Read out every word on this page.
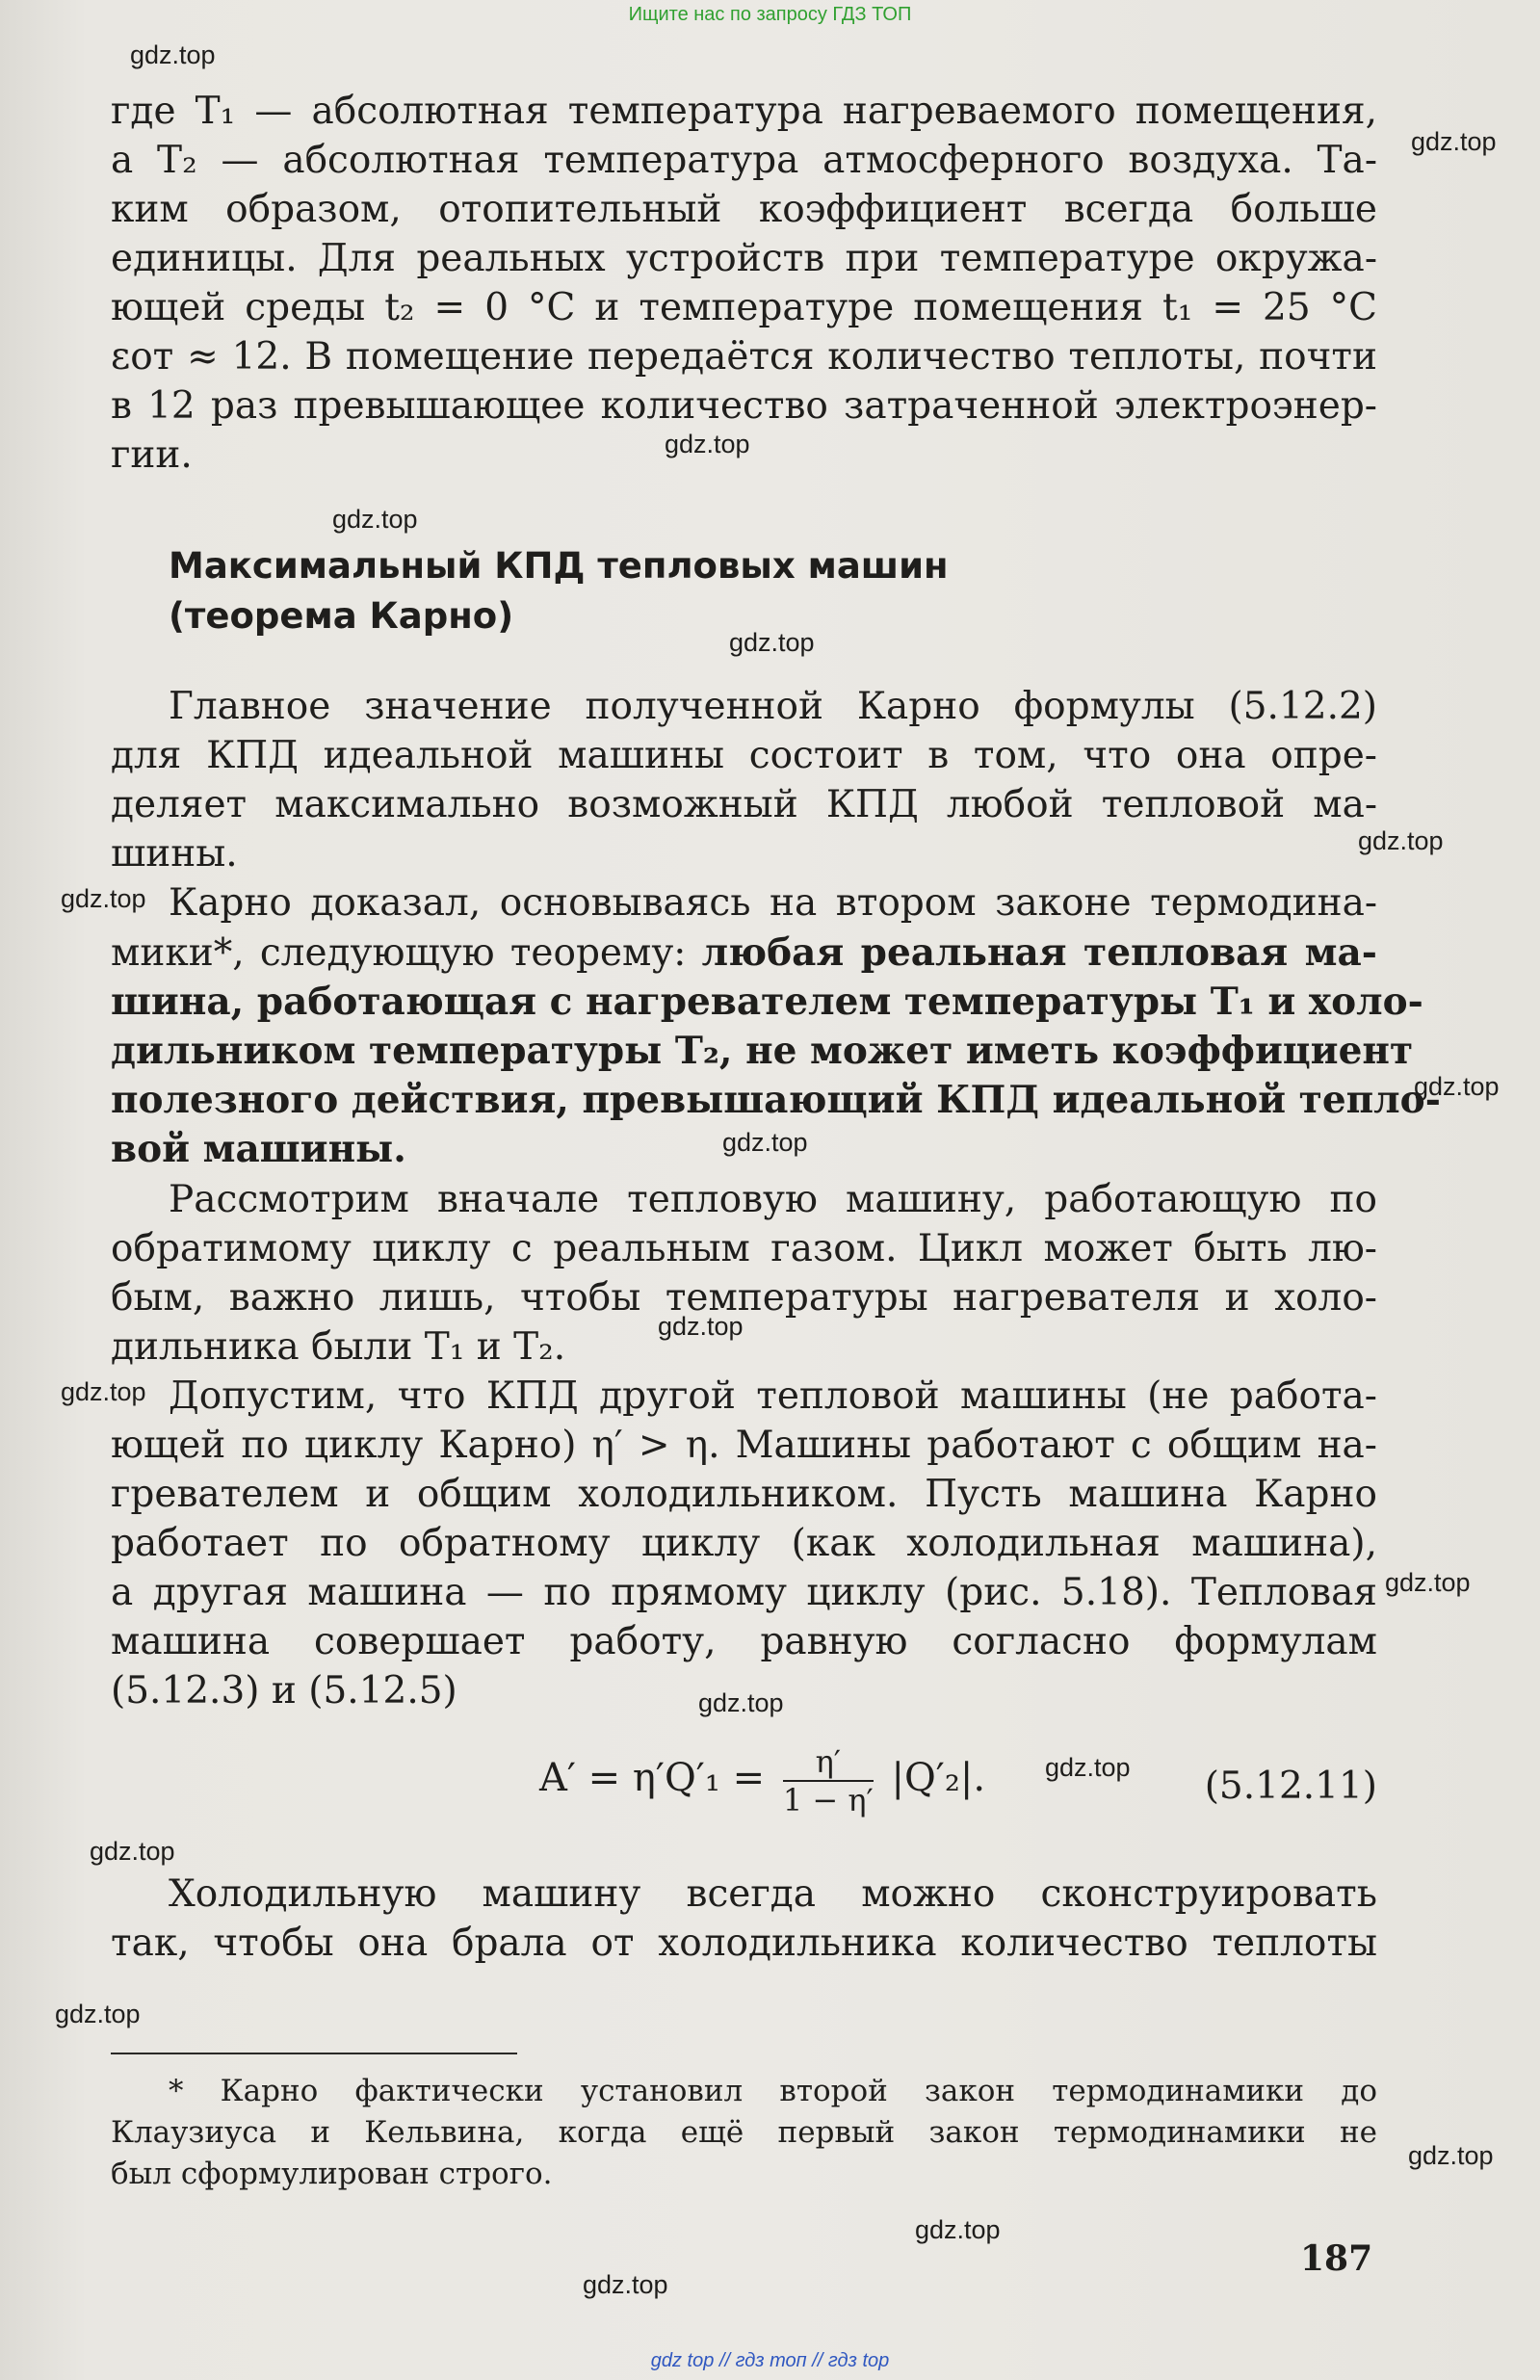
Ищите нас по запросу ГДЗ ТОП
где T₁ — абсолютная температура нагреваемого помещения,
а T₂ — абсолютная температура атмосферного воздуха. Та-
ким образом, отопительный коэффициент всегда больше
единицы. Для реальных устройств при температуре окружа-
ющей среды t₂ = 0 °C и температуре помещения t₁ = 25 °C
εот ≈ 12. В помещение передаётся количество теплоты, почти
в 12 раз превышающее количество затраченной электроэнер-
гии.
Максимальный КПД тепловых машин
(теорема Карно)
Главное значение полученной Карно формулы (5.12.2)
для КПД идеальной машины состоит в том, что она опре-
деляет максимально возможный КПД любой тепловой ма-
шины.
Карно доказал, основываясь на втором законе термодина-
мики*, следующую теорему: любая реальная тепловая ма-
шина, работающая с нагревателем температуры T₁ и холо-
дильником температуры T₂, не может иметь коэффициент
полезного действия, превышающий КПД идеальной тепло-
вой машины.
Рассмотрим вначале тепловую машину, работающую по
обратимому циклу с реальным газом. Цикл может быть лю-
бым, важно лишь, чтобы температуры нагревателя и холо-
дильника были T₁ и T₂.
Допустим, что КПД другой тепловой машины (не работа-
ющей по циклу Карно) η′ > η. Машины работают с общим на-
гревателем и общим холодильником. Пусть машина Карно
работает по обратному циклу (как холодильная машина),
а другая машина — по прямому циклу (рис. 5.18). Тепловая
машина совершает работу, равную согласно формулам
(5.12.3) и (5.12.5)
$A' = \eta'Q'_1 = \frac{\eta'}{1 - \eta'} |Q'_2|$.	(5.12.11)
Холодильную машину всегда можно сконструировать
так, чтобы она брала от холодильника количество теплоты
* Карно фактически установил второй закон термодинамики до
Клаузиуса и Кельвина, когда ещё первый закон термодинамики не
был сформулирован строго.
187
gdz.top
gdz.top
gdz.top
gdz.top
gdz.top
gdz.top
gdz.top
gdz.top
gdz.top
gdz.top
gdz.top
gdz.top
gdz.top
gdz.top
gdz.top
gdz.top
gdz.top
gdz.top
gdz.top
gdz top // гдз топ // гдз top
